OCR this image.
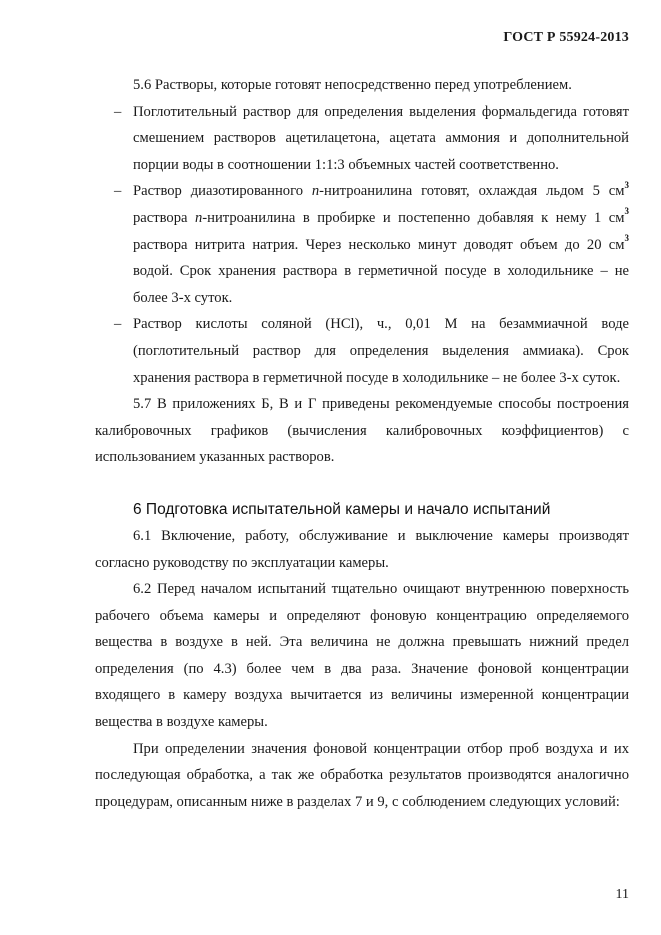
ГОСТ Р 55924-2013

5.6 Растворы, которые готовят непосредственно перед употреблением.

– Поглотительный раствор для определения выделения формальдегида готовят смешением растворов ацетилацетона, ацетата аммония и дополнительной порции воды в соотношении 1:1:3 объемных частей соответственно.
– Раствор диазотированного n-нитроанилина готовят, охлаждая льдом 5 $см^3$ раствора n-нитроанилина в пробирке и постепенно добавляя к нему 1 $см^3$ раствора нитрита натрия. Через несколько минут доводят объем до 20 $см^3$ водой. Срок хранения раствора в герметичной посуде в холодильнике – не более 3-х суток.
– Раствор кислоты соляной (HCl), ч., 0,01 М на безаммиачной воде (поглотительный раствор для определения выделения аммиака). Срок хранения раствора в герметичной посуде в холодильнике – не более 3-х суток.

5.7 В приложениях Б, В и Г приведены рекомендуемые способы построения калибровочных графиков (вычисления калибровочных коэффициентов) с использованием указанных растворов.

6 Подготовка испытательной камеры и начало испытаний

6.1 Включение, работу, обслуживание и выключение камеры производят согласно руководству по эксплуатации камеры.

6.2 Перед началом испытаний тщательно очищают внутреннюю поверхность рабочего объема камеры и определяют фоновую концентрацию определяемого вещества в воздухе в ней. Эта величина не должна превышать нижний предел определения (по 4.3) более чем в два раза. Значение фоновой концентрации входящего в камеру воздуха вычитается из величины измеренной концентрации вещества в воздухе камеры.

При определении значения фоновой концентрации отбор проб воздуха и их последующая обработка, а так же обработка результатов производятся аналогично процедурам, описанным ниже в разделах 7 и 9, с соблюдением следующих условий:

11
